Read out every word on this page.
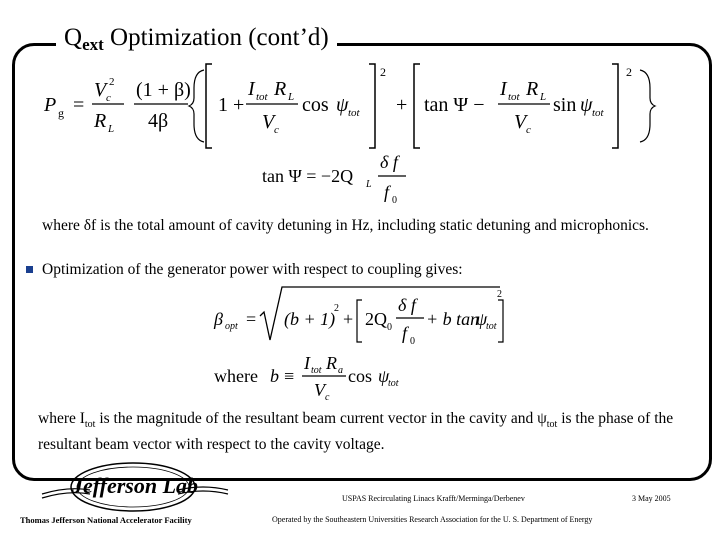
$Q_{ext}$ Optimization (cont’d)
P g =
V c
2
R L
(1 + β)
4β
1 +
I tot R L
V c
cos ψ tot
2
+ tan Ψ −
I tot R L
V c
sin ψ tot
2
tan Ψ = −2Q L
δ f
f 0
β opt = (b + 1)
2
+ 2Q 0
δ f
f 0
+ b tan
ψ
tot
2
where b ≡
I tot R a
V c
cos ψ
tot
where δf is the total amount of cavity detuning in Hz, including static detuning and microphonics.
Optimization of the generator power with respect to coupling gives:
where $I_{tot}$ is the magnitude of the resultant beam current vector in the cavity and $\psi_{tot}$ is the phase of the resultant beam vector with respect to the cavity voltage.
Jefferson Lab
USPAS Recirculating Linacs Krafft/Merminga/Derbenev	3 May 2005
Thomas Jefferson National Accelerator Facility	Operated by the Southeastern Universities Research Association for the U. S. Department of Energy
